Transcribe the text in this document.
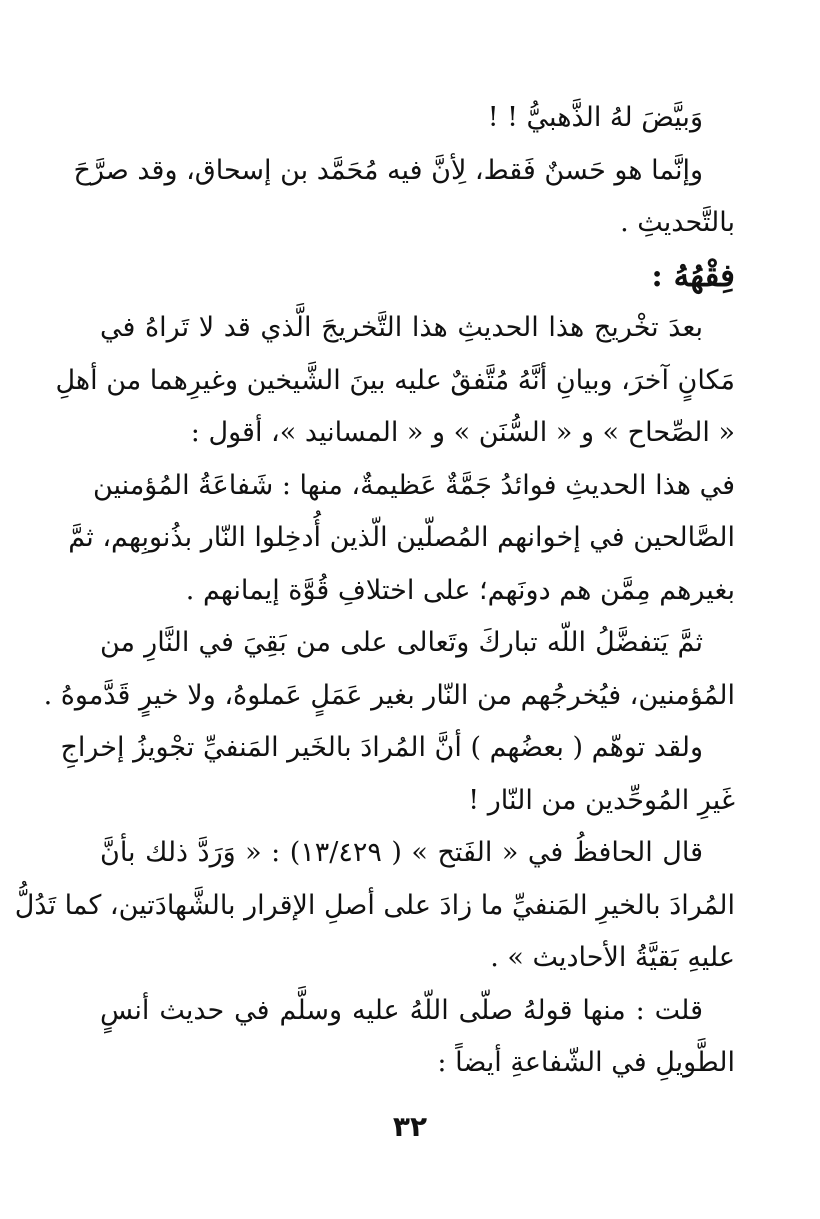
وَبيَّضَ لهُ الذَّهبيُّ ! !
وإنَّما هو حَسنٌ فَقط، لِأنَّ فيه مُحَمَّد بن إسحاق، وقد صرَّحَ
بالتَّحديثِ .
فِقْهُهُ :
بعدَ تخْريج هذا الحديثِ هذا التَّخريجَ الَّذي قد لا تَراهُ في
مَكانٍ آخرَ، وبيانِ أنَّهُ مُتَّفقٌ عليه بينَ الشَّيخين وغيرِهما من أهلِ
« الصِّحاح » و « السُّنَن » و « المسانيد »، أقول :
في هذا الحديثِ فوائدُ جَمَّةٌ عَظيمةٌ، منها : شَفاعَةُ المُؤمنين
الصَّالحين في إخوانهم المُصلّين الّذين أُدخِلوا النّار بذُنوبِهم، ثمَّ
بغيرهم مِمَّن هم دونَهم؛ على اختلافِ قُوَّة إيمانهم .
ثمَّ يَتفضَّلُ اللّه تباركَ وتَعالى على من بَقِيَ في النَّارِ من
المُؤمنين، فيُخرجُهم من النّار بغير عَمَلٍ عَملوهُ، ولا خيرٍ قَدَّموهُ .
ولقد توهّم ( بعضُهم ) أنَّ المُرادَ بالخَير المَنفيِّ تجْويزُ إخراجِ
غَيرِ المُوحِّدين من النّار !
قال الحافظُ في « الفَتح » ( ١٣/٤٢٩) : « وَرَدَّ ذلك بأنَّ
المُرادَ بالخيرِ المَنفيِّ ما زادَ على أصلِ الإقرار بالشَّهادَتين، كما تَدُلُّ
عليهِ بَقيَّةُ الأحاديث » .
قلت : منها قولهُ صلّى اللّهُ عليه وسلَّم في حديث أنسٍ
الطَّويلِ في الشّفاعةِ أيضاً :
٣٢
